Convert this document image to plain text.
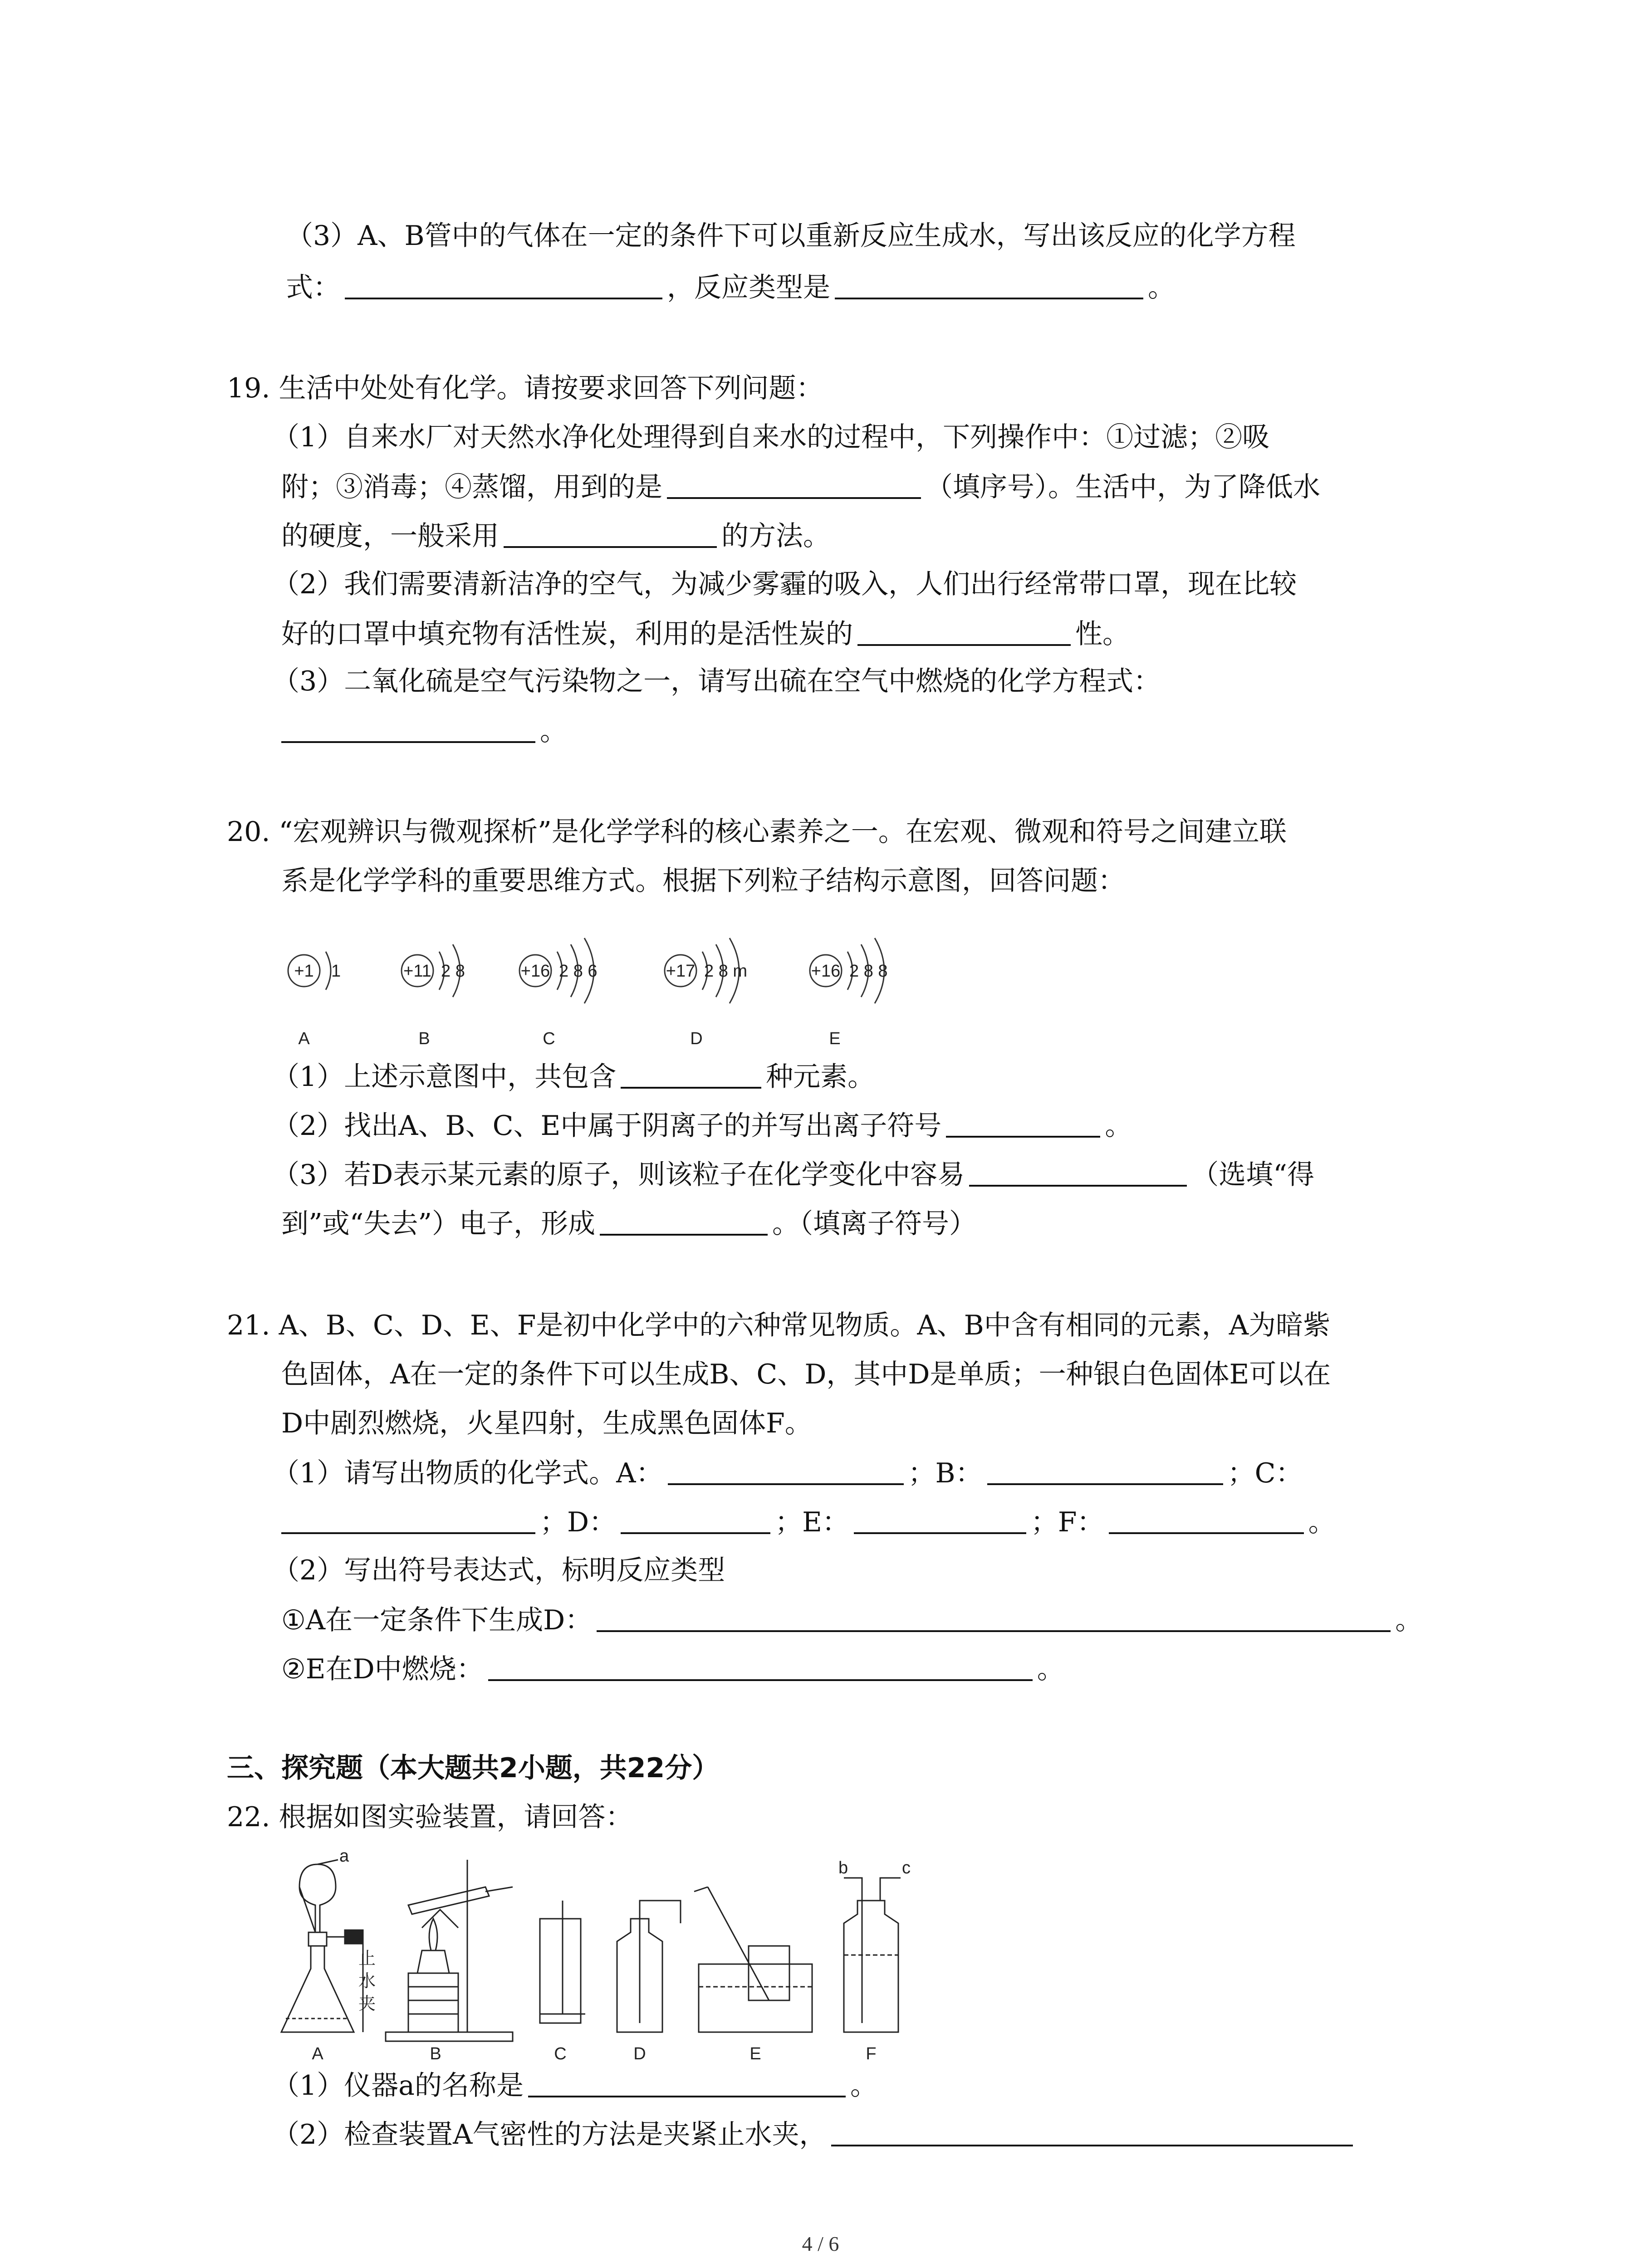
（3）A、B管中的气体在一定的条件下可以重新反应生成水，写出该反应的化学方程
式：	，反应类型是	。
19. 生活中处处有化学。请按要求回答下列问题：
（1）自来水厂对天然水净化处理得到自来水的过程中，下列操作中：①过滤；②吸
附；③消毒；④蒸馏，用到的是	（填序号）。生活中，为了降低水
的硬度，一般采用	的方法。
（2）我们需要清新洁净的空气，为减少雾霾的吸入，人们出行经常带口罩，现在比较
好的口罩中填充物有活性炭，利用的是活性炭的	性。
（3）二氧化硫是空气污染物之一，请写出硫在空气中燃烧的化学方程式：
。
20. “宏观辨识与微观探析”是化学学科的核心素养之一。在宏观、微观和符号之间建立联
系是化学学科的重要思维方式。根据下列粒子结构示意图，回答问题：
+1 1
A
+11 2 8
B
+16 2 8 6
C
+17 2 8 m
D
+16 2 8 8
E
（1）上述示意图中，共包含	种元素。
（2）找出A、B、C、E中属于阴离子的并写出离子符号	。
（3）若D表示某元素的原子，则该粒子在化学变化中容易	（选填“得
到”或“失去”）电子，形成	。（填离子符号）
21. A、B、C、D、E、F是初中化学中的六种常见物质。A、B中含有相同的元素，A为暗紫
色固体，A在一定的条件下可以生成B、C、D，其中D是单质；一种银白色固体E可以在
D中剧烈燃烧，火星四射，生成黑色固体F。
（1）请写出物质的化学式。A：	；B：	；C：
；D：	；E：	；F：	。
（2）写出符号表达式，标明反应类型
①A在一定条件下生成D：	。
②E在D中燃烧：	。
三、探究题（本大题共2小题，共22分）
22. 根据如图实验装置，请回答：
a
止
水
夹
b	c
A	B	C	D	E	F
（1）仪器a的名称是	。
（2）检查装置A气密性的方法是夹紧止水夹，
4 / 6
